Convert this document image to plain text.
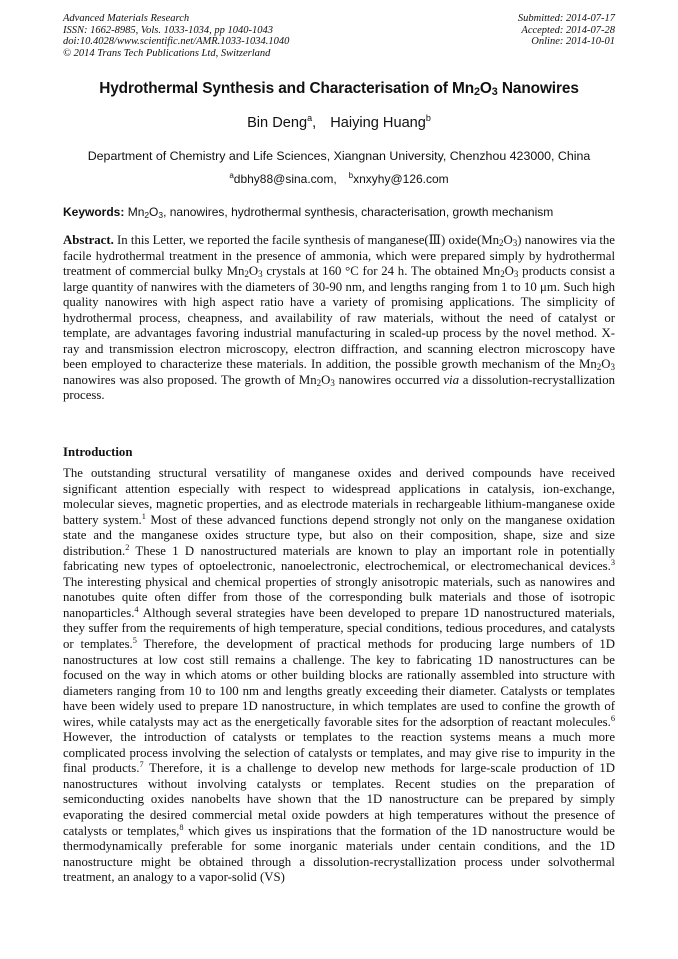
Advanced Materials Research
ISSN: 1662-8985, Vols. 1033-1034, pp 1040-1043
doi:10.4028/www.scientific.net/AMR.1033-1034.1040
© 2014 Trans Tech Publications Ltd, Switzerland
Submitted: 2014-07-17
Accepted: 2014-07-28
Online: 2014-10-01
Hydrothermal Synthesis and Characterisation of $Mn_2O_3$ Nanowires
Bin Deng$^a$, Haiying Huang$^b$
Department of Chemistry and Life Sciences, Xiangnan University, Chenzhou 423000, China
$^a$dbhy88@sina.com, $^b$xnxyhy@126.com
Keywords: $Mn_2O_3$, nanowires, hydrothermal synthesis, characterisation, growth mechanism
Abstract. In this Letter, we reported the facile synthesis of manganese(Ⅲ) $oxide(Mn_2O_3)$ nanowires via the facile hydrothermal treatment in the presence of ammonia, which were prepared simply by hydrothermal treatment of commercial bulky $Mn_2O_3$ crystals at 160 °C for 24 h. The obtained $Mn_2O_3$ products consist a large quantity of nanwires with the diameters of 30-90 nm, and lengths ranging from 1 to 10 μm. Such high quality nanowires with high aspect ratio have a variety of promising applications. The simplicity of hydrothermal process, cheapness, and availability of raw materials, without the need of catalyst or template, are advantages favoring industrial manufacturing in scaled-up process by the novel method. X-ray and transmission electron microscopy, electron diffraction, and scanning electron microscopy have been employed to characterize these materials. In addition, the possible growth mechanism of the $Mn_2O_3$ nanowires was also proposed. The growth of $Mn_2O_3$ nanowires occurred via a dissolution-recrystallization process.
Introduction
The outstanding structural versatility of manganese oxides and derived compounds have received significant attention especially with respect to widespread applications in catalysis, ion-exchange, molecular sieves, magnetic properties, and as electrode materials in rechargeable lithium-manganese oxide battery system.$^1$ Most of these advanced functions depend strongly not only on the manganese oxidation state and the manganese oxides structure type, but also on their composition, shape, size and size distribution.$^2$ These 1 D nanostructured materials are known to play an important role in potentially fabricating new types of optoelectronic, nanoelectronic, electrochemical, or electromechanical devices.$^3$ The interesting physical and chemical properties of strongly anisotropic materials, such as nanowires and nanotubes quite often differ from those of the corresponding bulk materials and those of isotropic nanoparticles.$^4$ Although several strategies have been developed to prepare 1D nanostructured materials, they suffer from the requirements of high temperature, special conditions, tedious procedures, and catalysts or templates.$^5$ Therefore, the development of practical methods for producing large numbers of 1D nanostructures at low cost still remains a challenge. The key to fabricating 1D nanostructures can be focused on the way in which atoms or other building blocks are rationally assembled into structure with diameters ranging from 10 to 100 nm and lengths greatly exceeding their diameter. Catalysts or templates have been widely used to prepare 1D nanostructure, in which templates are used to confine the growth of wires, while catalysts may act as the energetically favorable sites for the adsorption of reactant molecules.$^6$ However, the introduction of catalysts or templates to the reaction systems means a much more complicated process involving the selection of catalysts or templates, and may give rise to impurity in the final products.$^7$ Therefore, it is a challenge to develop new methods for large-scale production of 1D nanostructures without involving catalysts or templates. Recent studies on the preparation of semiconducting oxides nanobelts have shown that the 1D nanostructure can be prepared by simply evaporating the desired commercial metal oxide powders at high temperatures without the presence of catalysts or templates,$^8$ which gives us inspirations that the formation of the 1D nanostructure would be thermodynamically preferable for some inorganic materials under centain conditions, and the 1D nanostructure might be obtained through a dissolution-recrystallization process under solvothermal treatment, an analogy to a vapor-solid (VS)
